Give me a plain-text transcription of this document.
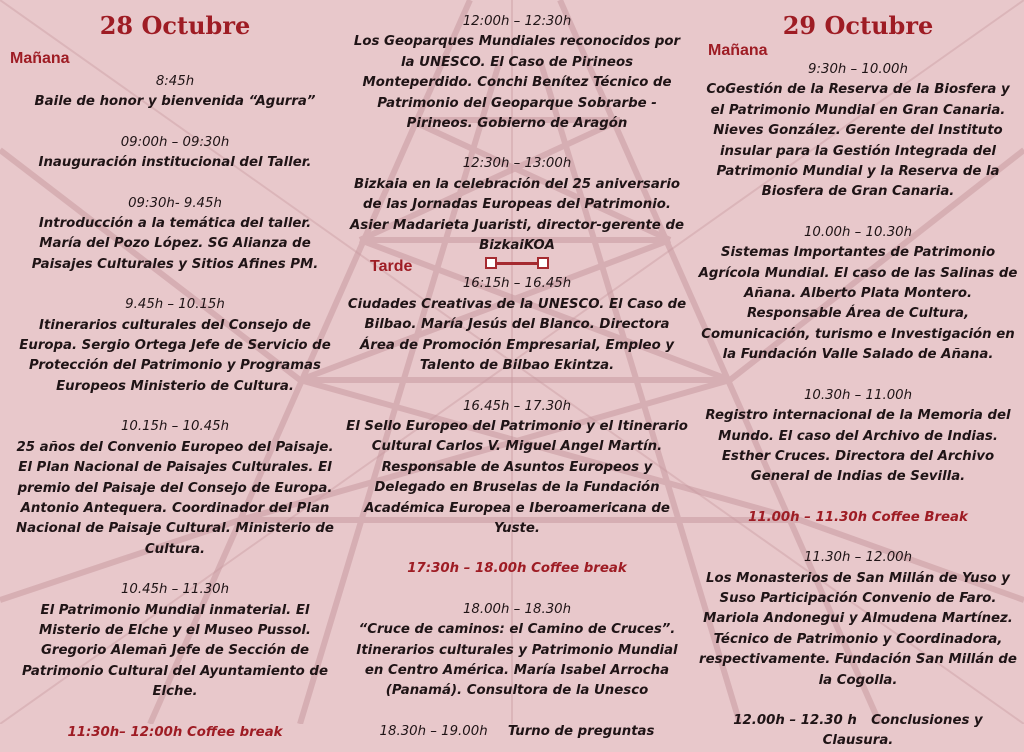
28 Octubre
Mañana
8:45h
Baile de honor y bienvenida “Agurra”
09:00h – 09:30h
Inauguración institucional del Taller.
09:30h- 9.45h
Introducción a la temática del taller. María del Pozo López. SG Alianza de Paisajes Culturales y Sitios Afines PM.
9.45h – 10.15h
Itinerarios culturales del Consejo de Europa. Sergio Ortega Jefe de Servicio de Protección del Patrimonio y Programas Europeos Ministerio de Cultura.
10.15h – 10.45h
25 años del Convenio Europeo del Paisaje. El Plan Nacional de Paisajes Culturales. El premio del Paisaje del Consejo de Europa. Antonio Antequera. Coordinador del Plan Nacional de Paisaje Cultural. Ministerio de Cultura.
10.45h – 11.30h
El Patrimonio Mundial inmaterial. El Misterio de Elche y el Museo Pussol. Gregorio Alemañ Jefe de Sección de Patrimonio Cultural del Ayuntamiento de Elche.
11:30h– 12:00h Coffee break
12:00h – 12:30h
Los Geoparques Mundiales reconocidos por la UNESCO. El Caso de Pirineos Monteperdido. Conchi Benítez Técnico de Patrimonio del Geoparque Sobrarbe -Pirineos. Gobierno de Aragón
12:30h – 13:00h
Bizkaia en la celebración del 25 aniversario de las Jornadas Europeas del Patrimonio. Asier Madarieta Juaristi, director-gerente de BizkaiKOA
Tarde
16:15h – 16.45h
Ciudades Creativas de la UNESCO. El Caso de Bilbao. María Jesús del Blanco. Directora Área de Promoción Empresarial, Empleo y Talento de Bilbao Ekintza.
16.45h – 17.30h
El Sello Europeo del Patrimonio y el Itinerario Cultural Carlos V. Miguel Angel Martín. Responsable de Asuntos Europeos y Delegado en Bruselas de la Fundación Académica Europea e Iberoamericana de Yuste.
17:30h – 18.00h Coffee break
18.00h – 18.30h
“Cruce de caminos: el Camino de Cruces”. Itinerarios culturales y Patrimonio Mundial en Centro América. María Isabel Arrocha (Panamá). Consultora de la Unesco
18.30h – 19.00h Turno de preguntas
29 Octubre
Mañana
9:30h – 10.00h
CoGestión de la Reserva de la Biosfera y el Patrimonio Mundial en Gran Canaria. Nieves González. Gerente del Instituto insular para la Gestión Integrada del Patrimonio Mundial y la Reserva de la Biosfera de Gran Canaria.
10.00h – 10.30h
Sistemas Importantes de Patrimonio Agrícola Mundial. El caso de las Salinas de Añana. Alberto Plata Montero. Responsable Área de Cultura, Comunicación, turismo e Investigación en la Fundación Valle Salado de Añana.
10.30h – 11.00h
Registro internacional de la Memoria del Mundo. El caso del Archivo de Indias. Esther Cruces. Directora del Archivo General de Indias de Sevilla.
11.00h – 11.30h Coffee Break
11.30h – 12.00h
Los Monasterios de San Millán de Yuso y Suso Participación Convenio de Faro. Mariola Andonegui y Almudena Martínez. Técnico de Patrimonio y Coordinadora, respectivamente. Fundación San Millán de la Cogolla.
12.00h – 12.30 h Conclusiones y Clausura.
